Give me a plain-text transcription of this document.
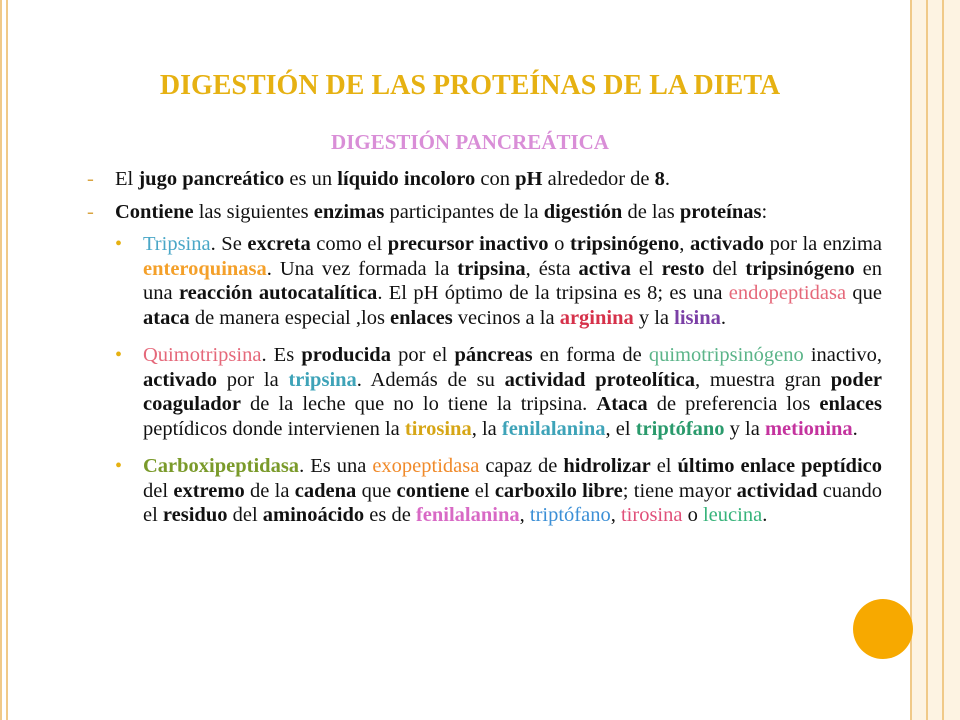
DIGESTIÓN DE LAS PROTEÍNAS DE LA DIETA
DIGESTIÓN PANCREÁTICA
-	El jugo pancreático es un líquido incoloro con pH alrededor de 8.
-	Contiene las siguientes enzimas participantes de la digestión de las proteínas:
•	Tripsina. Se excreta como el precursor inactivo o tripsinógeno, activado por la enzima enteroquinasa. Una vez formada la tripsina, ésta activa el resto del tripsinógeno en una reacción autocatalítica. El pH óptimo de la tripsina es 8; es una endopeptidasa que ataca de manera especial ,los enlaces vecinos a la arginina y la lisina.
•	Quimotripsina. Es producida por el páncreas en forma de quimotripsinógeno inactivo, activado por la tripsina. Además de su actividad proteolítica, muestra gran poder coagulador de la leche que no lo tiene la tripsina. Ataca de preferencia los enlaces peptídicos donde intervienen la tirosina, la fenilalanina, el triptófano y la metionina.
•	Carboxipeptidasa. Es una exopeptidasa capaz de hidrolizar el último enlace peptídico del extremo de la cadena que contiene el carboxilo libre; tiene mayor actividad cuando el residuo del aminoácido es de fenilalanina, triptófano, tirosina o leucina.
